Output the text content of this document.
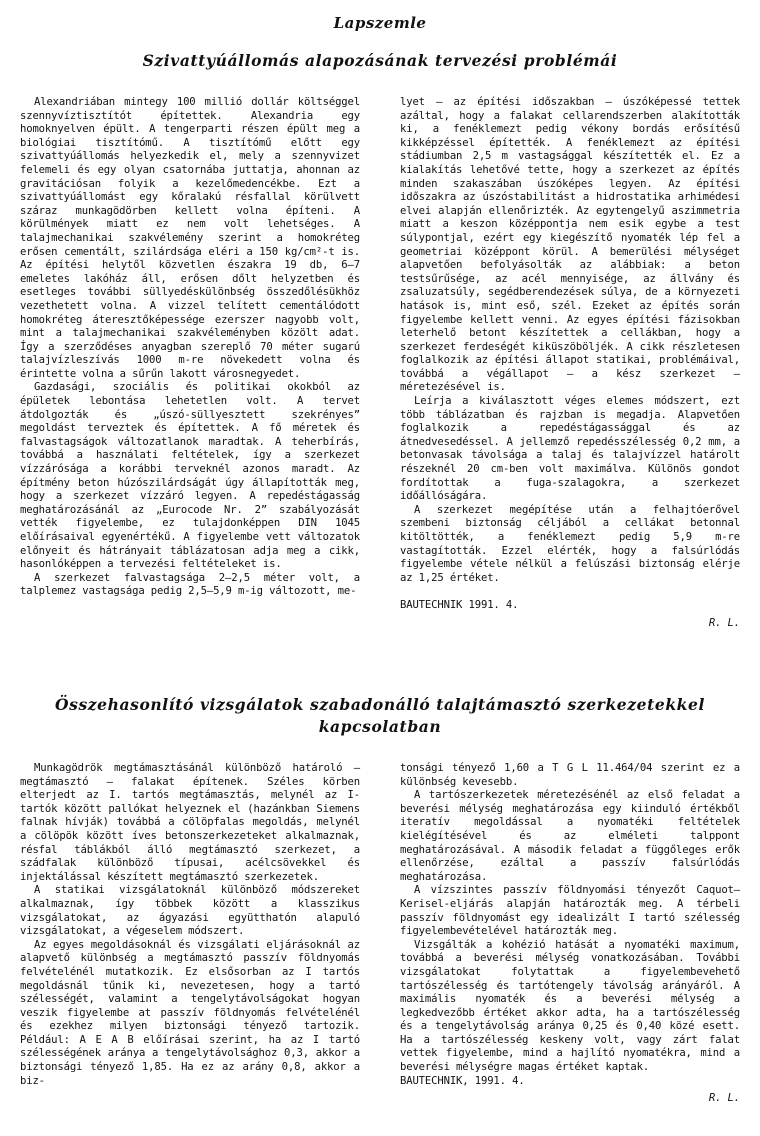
Lapszemle
Szivattyúállomás alapozásának tervezési problémái

Alexandriában mintegy 100 millió dollár költséggel szennyvíztisztítót építettek. Alexandria egy homoknyelven épült. A tengerparti részen épült meg a biológiai tisztítómű. A tisztítómű előtt egy szivattyúállomás helyezkedik el, mely a szennyvizet felemeli és egy olyan csatornába juttatja, ahonnan az gravitációsan folyik a kezelőmedencékbe. Ezt a szivattyúállomást egy kőralakú résfallal körülvett száraz munkagödörben kellett volna építeni. A körülmények miatt ez nem volt lehetséges. A talajmechanikai szakvélemény szerint a homokréteg erősen cementált, szilárdsága eléri a 150 kg/cm²-t is. Az építési helytől közvetlen északra 19 db, 6—7 emeletes lakóház áll, erősen dőlt helyzetben és esetleges további süllyedéskülönbség összedőlésükhöz vezethetett volna. A vizzel telített cementálódott homokréteg áteresztőképessége ezerszer nagyobb volt, mint a talajmechanikai szakvéleményben közölt adat. Így a szerződéses anyagban szereplő 70 méter sugarú talajvízleszívás 1000 m-re növekedett volna és érintette volna a sűrűn lakott városnegyedet.

Gazdasági, szociális és politikai okokból az épületek lebontása lehetetlen volt. A tervet átdolgozták és „úszó-süllyesztett szekrényes” megoldást terveztek és építettek. A fő méretek és falvastagságok változatlanok maradtak. A teherbírás, továbbá a használati feltételek, így a szerkezet vízzárósága a korábbi terveknél azonos maradt. Az építmény beton húzószilárdságát úgy állapították meg, hogy a szerkezet vízzáró legyen. A repedéstágasság meghatározásánál az „Eurocode Nr. 2” szabályozását vették figyelembe, ez tulajdonképpen DIN 1045 előírásaival egyenértékű. A figyelembe vett változatok előnyeit és hátrányait táblázatosan adja meg a cikk, hasonlóképpen a tervezési feltételeket is.

A szerkezet falvastagsága 2—2,5 méter volt, a talplemez vastagsága pedig 2,5—5,9 m-ig változott, me-

lyet — az építési időszakban — úszóképessé tettek azáltal, hogy a falakat cellarendszerben alakították ki, a fenéklemezt pedig vékony bordás erősítésű kikképzéssel építették. A fenéklemezt az építési stádiumban 2,5 m vastagsággal készítették el. Ez a kialakítás lehetővé tette, hogy a szerkezet az építés minden szakaszában úszóképes legyen. Az építési időszakra az úszóstabilitást a hidrostatika arhimédesi elvei alapján ellenőrizték. Az egytengelyű aszimmetria miatt a keszon középpontja nem esik egybe a test súlypontjal, ezért egy kiegészítő nyomaték lép fel a geometriai középpont körül. A bemerülési mélységet alapvetően befolyásolták az alábbiak: a beton testsűrűsége, az acél mennyisége, az állvány és zsaluzatsúly, segédberendezések súlya, de a környezeti hatások is, mint eső, szél. Ezeket az építés során figyelembe kellett venni. Az egyes építési fázisokban leterhelő betont készítettek a cellákban, hogy a szerkezet ferdeségét kiküszöböljék. A cikk részletesen foglalkozik az építési állapot statikai, problémáival, továbbá a végállapot — a kész szerkezet — méretezésével is.

Leírja a kiválasztott véges elemes módszert, ezt több táblázatban és rajzban is megadja. Alapvetően foglalkozik a repedéstágassággal és az átnedvesedéssel. A jellemző repedésszélesség 0,2 mm, a betonvasak távolsága a talaj és talajvízzel határolt részeknél 20 cm-ben volt maximálva. Különös gondot fordítottak a fuga-szalagokra, a szerkezet időállóságára.

A szerkezet megépítése után a felhajtóerővel szembeni biztonság céljából a cellákat betonnal kitöltötték, a fenéklemezt pedig 5,9 m-re vastagították. Ezzel elérték, hogy a falsúrlódás figyelembe vétele nélkül a felúszási biztonság elérje az 1,25 értéket.

BAUTECHNIK 1991. 4.

R. L.

Összehasonlító vizsgálatok szabadonálló talajtámasztó szerkezetekkel
kapcsolatban

Munkagödrök megtámasztásánál különböző határoló — megtámasztó — falakat építenek. Széles körben elterjedt az I. tartós megtámasztás, melynél az I-tartók között pallókat helyeznek el (hazánkban Siemens falnak hívják) továbbá a cölöpfalas megoldás, melynél a cölöpök között íves betonszerkezeteket alkalmaznak, résfal táblákból álló megtámasztó szerkezet, a szádfalak különböző típusai, acélcsövekkel és injektálással készített megtámasztó szerkezetek.

A statikai vizsgálatoknál különböző módszereket alkalmaznak, így többek között a klasszikus vizsgálatokat, az ágyazási együtthatón alapuló vizsgálatokat, a végeselem módszert.

Az egyes megoldásoknál és vizsgálati eljárásoknál az alapvető különbség a megtámasztó passzív földnyomás felvételénél mutatkozik. Ez elsősorban az I tartós megoldásnál tűnik ki, nevezetesen, hogy a tartó szélességét, valamint a tengelytávolságokat hogyan veszik figyelembe at passzív földnyomás felvételénél és ezekhez milyen biztonsági tényező tartozik. Például: A E A B előírásai szerint, ha az I tartó szélességének aránya a tengelytávolsághoz 0,3, akkor a biztonsági tényező 1,85. Ha ez az arány 0,8, akkor a biz-

tonsági tényező 1,60 a T G L 11.464/04 szerint ez a különbség kevesebb.

A tartószerkezetek méretezésénél az első feladat a beverési mélység meghatározása egy kiinduló értékből iteratív megoldással a nyomatéki feltételek kielégítésével és az elméleti talppont meghatározásával. A második feladat a függőleges erők ellenőrzése, ezáltal a passzív falsúrlódás meghatározása.

A vízszintes passzív földnyomási tényezőt Caquot—Kerisel-eljárás alapján határozták meg. A térbeli passzív földnyomást egy idealizált I tartó szélesség figyelembevételével határozták meg.

Vizsgálták a kohézió hatását a nyomatéki maximum, továbbá a beverési mélység vonatkozásában. További vizsgálatokat folytattak a figyelembevehető tartószélesség és tartótengely távolság arányáról. A maximális nyomaték és a beverési mélység a legkedvezőbb értéket akkor adta, ha a tartószélesség és a tengelytávolság aránya 0,25 és 0,40 közé esett. Ha a tartószélesség keskeny volt, vagy zárt falat vettek figyelembe, mind a hajlító nyomatékra, mind a beverési mélységre magas értéket kaptak.

BAUTECHNIK, 1991. 4.

R. L.
